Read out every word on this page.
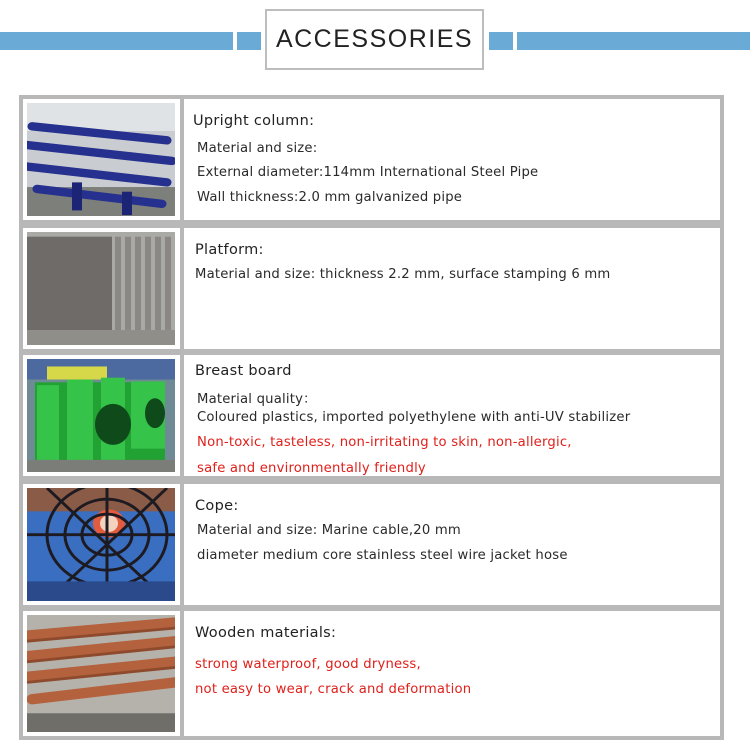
ACCESSORIES
Upright column:
Material and size:
External diameter:114mm International Steel Pipe
Wall thickness:2.0 mm galvanized pipe
Platform:
Material and size: thickness 2.2 mm, surface stamping 6 mm
Breast board
Material quality：
Coloured plastics, imported polyethylene with anti-UV stabilizer
Non-toxic, tasteless, non-irritating to skin, non-allergic,
safe and environmentally friendly
Cope:
Material and size: Marine cable,20 mm
diameter medium core stainless steel wire jacket hose
Wooden materials:
strong waterproof, good dryness,
not easy to wear, crack and deformation
